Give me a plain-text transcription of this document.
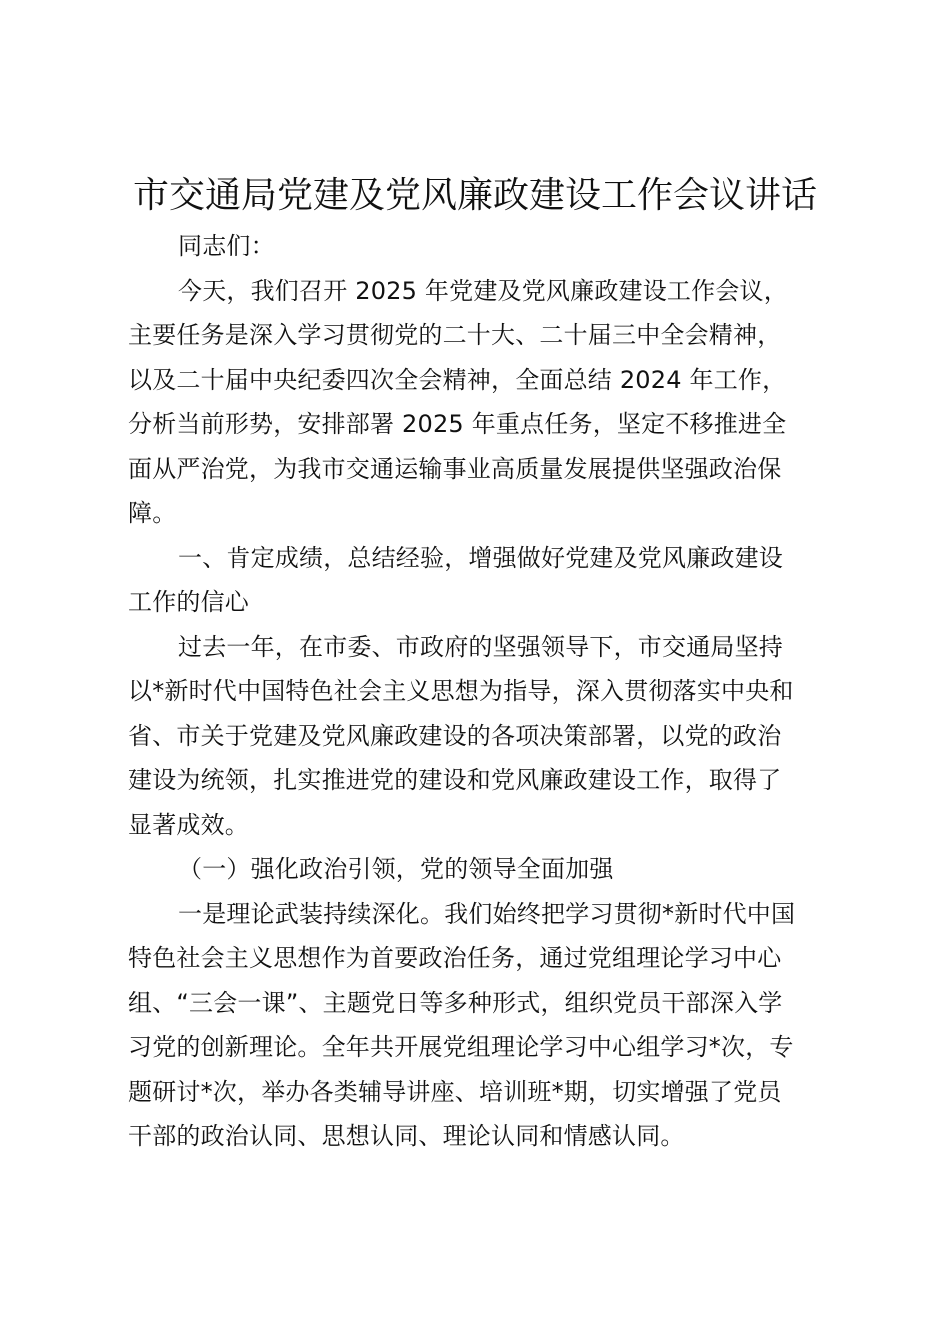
市交通局党建及党风廉政建设工作会议讲话
同志们：
今天，我们召开 2025 年党建及党风廉政建设工作会议，
主要任务是深入学习贯彻党的二十大、二十届三中全会精神，
以及二十届中央纪委四次全会精神，全面总结 2024 年工作，
分析当前形势，安排部署 2025 年重点任务，坚定不移推进全
面从严治党，为我市交通运输事业高质量发展提供坚强政治保
障。
一、肯定成绩，总结经验，增强做好党建及党风廉政建设
工作的信心
过去一年，在市委、市政府的坚强领导下，市交通局坚持
以*新时代中国特色社会主义思想为指导，深入贯彻落实中央和
省、市关于党建及党风廉政建设的各项决策部署，以党的政治
建设为统领，扎实推进党的建设和党风廉政建设工作，取得了
显著成效。
（一）强化政治引领，党的领导全面加强
一是理论武装持续深化。我们始终把学习贯彻*新时代中国
特色社会主义思想作为首要政治任务，通过党组理论学习中心
组、“三会一课”、主题党日等多种形式，组织党员干部深入学
习党的创新理论。全年共开展党组理论学习中心组学习*次，专
题研讨*次，举办各类辅导讲座、培训班*期，切实增强了党员
干部的政治认同、思想认同、理论认同和情感认同。
